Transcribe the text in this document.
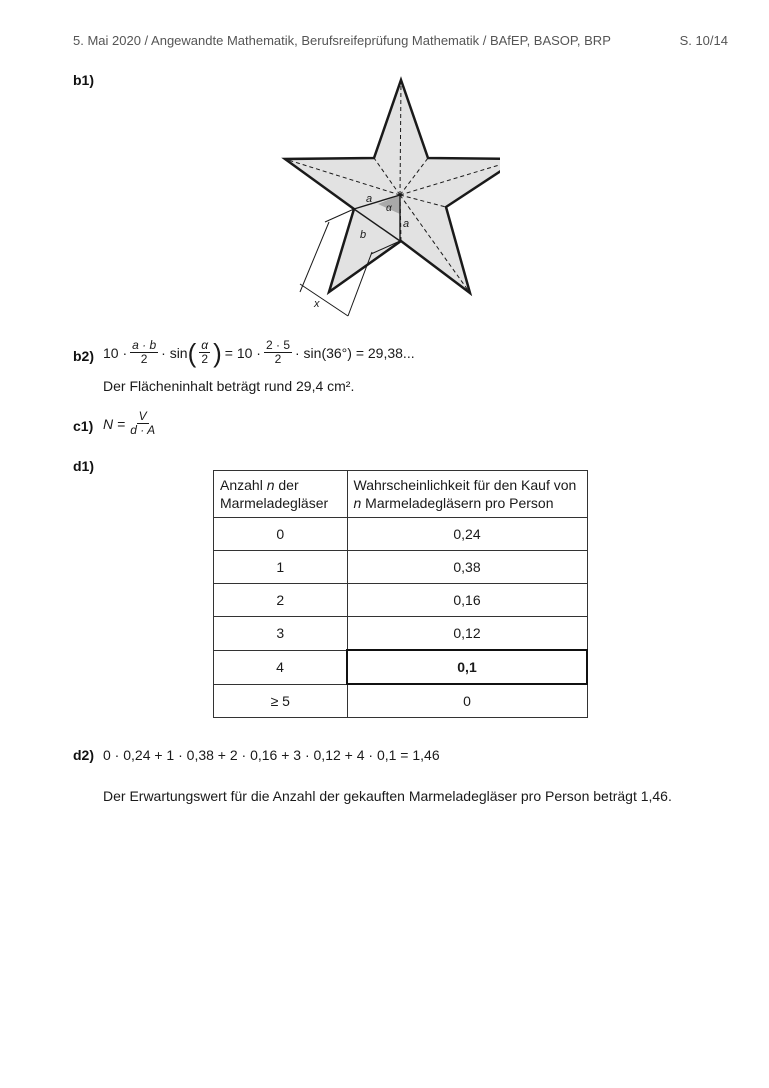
5. Mai 2020 / Angewandte Mathematik, Berufsreifeprüfung Mathematik / BAfEP, BASOP, BRP	S. 10/14
b1)
a
α
a
b
x
b2) $10 \cdot \frac{a \cdot b}{2} \cdot \sin$ ( $\frac{\alpha}{2}$ ) = $10 \cdot \frac{2 \cdot 5}{2} \cdot \sin(36^\circ) = 29,38$...
Der Flächeninhalt beträgt rund 29,4 cm².
c1) $N = \frac{V}{d \cdot A}$
d1)
Anzahl n der Marmeladegläser	Wahrscheinlichkeit für den Kauf von n Marmeladegläsern pro Person
0	0,24
1	0,38
2	0,16
3	0,12
4	0,1
≥ 5	0
d2) 0 · 0,24 + 1 · 0,38 + 2 · 0,16 + 3 · 0,12 + 4 · 0,1 = 1,46
Der Erwartungswert für die Anzahl der gekauften Marmeladegläser pro Person beträgt 1,46.
